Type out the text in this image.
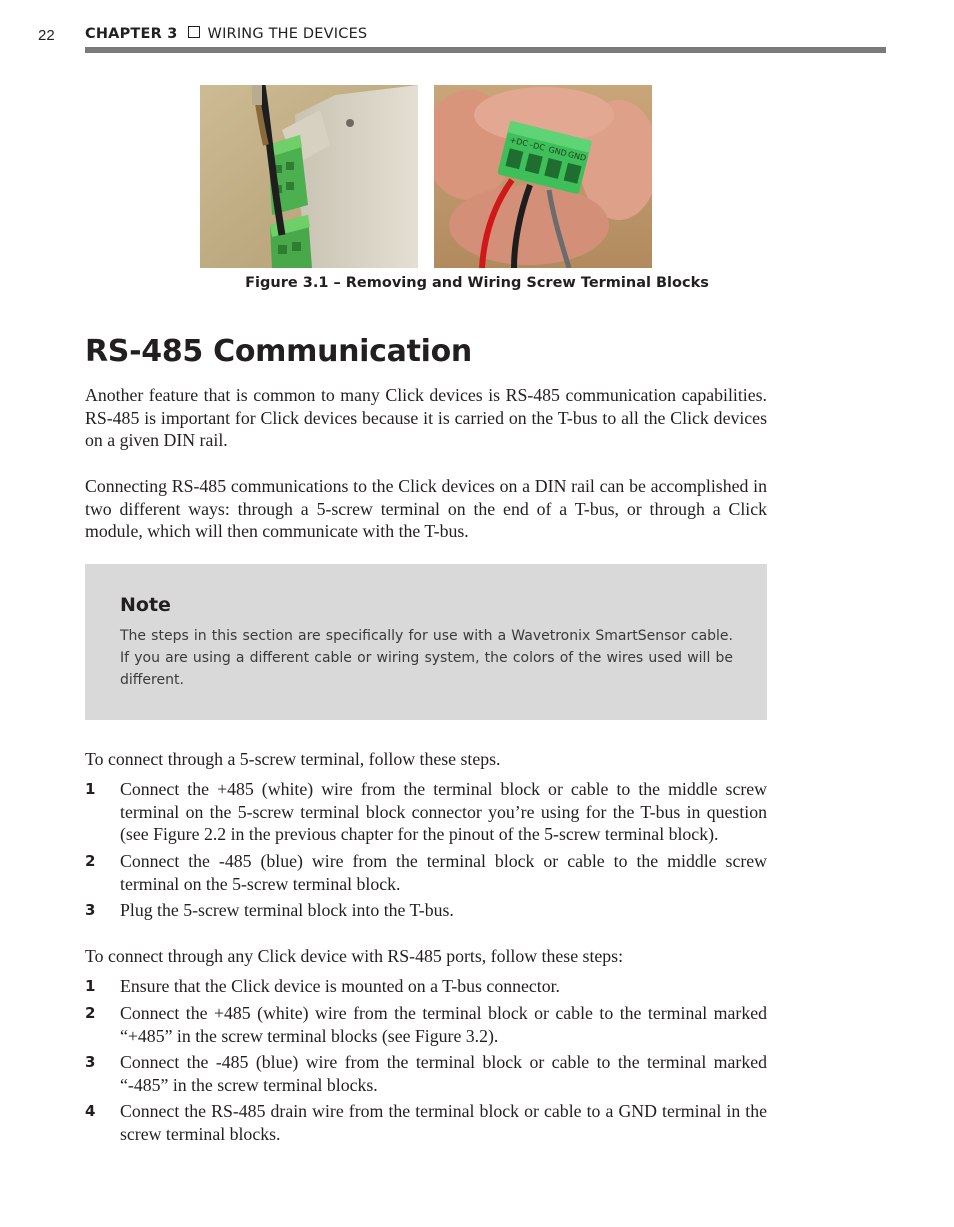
22 CHAPTER 3 WIRING THE DEVICES
+DC –DC GND GND
Figure 3.1 – Removing and Wiring Screw Terminal Blocks
RS-485 Communication

Another feature that is common to many Click devices is RS-485 communication capabilities. RS-485 is important for Click devices because it is carried on the T-bus to all the Click devices on a given DIN rail.

Connecting RS-485 communications to the Click devices on a DIN rail can be accomplished in two different ways: through a 5-screw terminal on the end of a T-bus, or through a Click module, which will then communicate with the T-bus.

Note

The steps in this section are specifically for use with a Wavetronix SmartSensor cable. If you are using a different cable or wiring system, the colors of the wires used will be different.

To connect through a 5-screw terminal, follow these steps.

1 Connect the +485 (white) wire from the terminal block or cable to the middle screw terminal on the 5-screw terminal block connector you’re using for the T-bus in question (see Figure 2.2 in the previous chapter for the pinout of the 5-screw terminal block).

2 Connect the -485 (blue) wire from the terminal block or cable to the middle screw terminal on the 5-screw terminal block.

3 Plug the 5-screw terminal block into the T-bus.

To connect through any Click device with RS-485 ports, follow these steps:

1 Ensure that the Click device is mounted on a T-bus connector.

2 Connect the +485 (white) wire from the terminal block or cable to the terminal marked “+485” in the screw terminal blocks (see Figure 3.2).

3 Connect the -485 (blue) wire from the terminal block or cable to the terminal marked “-485” in the screw terminal blocks.

4 Connect the RS-485 drain wire from the terminal block or cable to a GND terminal in the screw terminal blocks.
